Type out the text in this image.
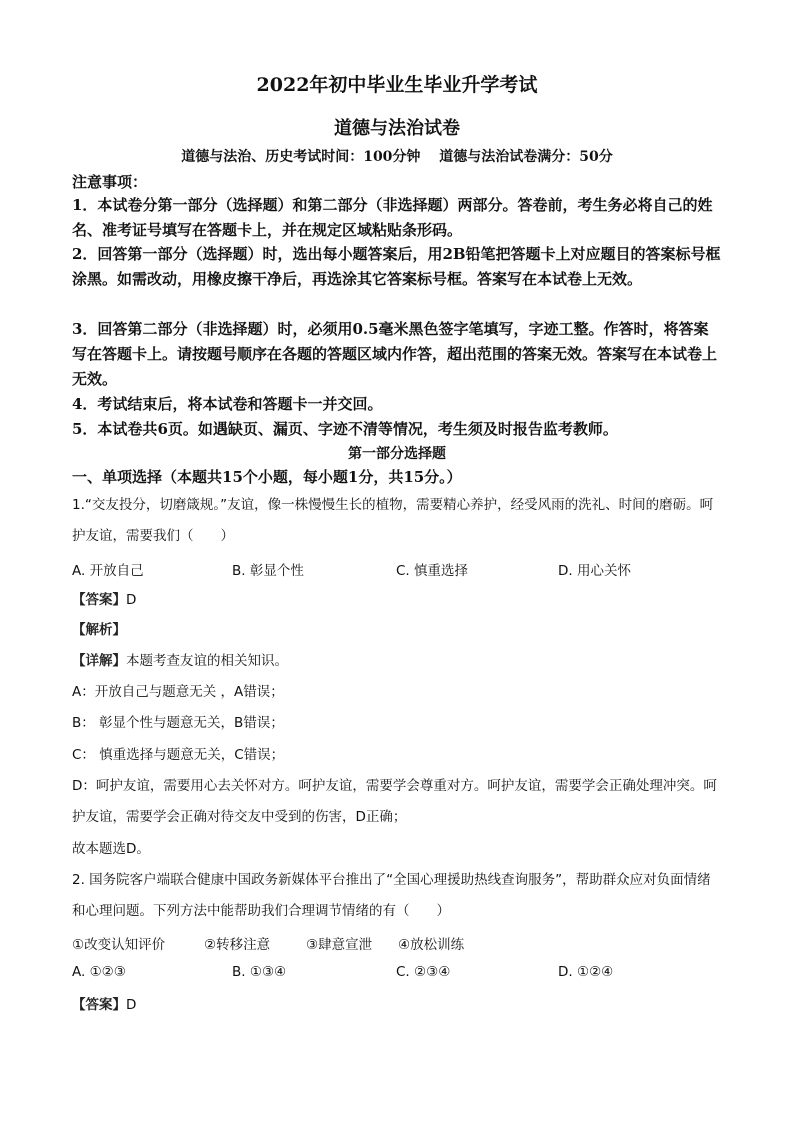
2022年初中毕业生毕业升学考试
道德与法治试卷
道德与法治、历史考试时间：100分钟　 道德与法治试卷满分：50分
注意事项：
1．本试卷分第一部分（选择题）和第二部分（非选择题）两部分。答卷前，考生务必将自己的姓名、准考证号填写在答题卡上，并在规定区域粘贴条形码。
2．回答第一部分（选择题）时，选出每小题答案后，用2B铅笔把答题卡上对应题目的答案标号框涂黑。如需改动，用橡皮擦干净后，再选涂其它答案标号框。答案写在本试卷上无效。
3．回答第二部分（非选择题）时，必须用0.5毫米黑色签字笔填写，字迹工整。作答时，将答案写在答题卡上。请按题号顺序在各题的答题区域内作答，超出范围的答案无效。答案写在本试卷上无效。
4．考试结束后，将本试卷和答题卡一并交回。
5．本试卷共6页。如遇缺页、漏页、字迹不清等情况，考生须及时报告监考教师。
第一部分选择题
一、单项选择（本题共15个小题，每小题1分，共15分。）
1.“交友投分，切磨箴规。”友谊，像一株慢慢生长的植物，需要精心养护，经受风雨的洗礼、时间的磨砺。呵护友谊，需要我们（　　）
A. 开放自己	B. 彰显个性	C. 慎重选择	D. 用心关怀
【答案】D
【解析】
【详解】本题考查友谊的相关知识。
A：开放自己与题意无关 ，A错误；
B： 彰显个性与题意无关，B错误；
C： 慎重选择与题意无关，C错误；
D：呵护友谊，需要用心去关怀对方。呵护友谊，需要学会尊重对方。呵护友谊，需要学会正确处理冲突。呵护友谊，需要学会正确对待交友中受到的伤害，D正确；
故本题选D。
2. 国务院客户端联合健康中国政务新媒体平台推出了“全国心理援助热线查询服务”，帮助群众应对负面情绪和心理问题。下列方法中能帮助我们合理调节情绪的有（　　）
①改变认知评价	②转移注意	③肆意宣泄 ④放松训练
A. ①②③	B. ①③④	C. ②③④	D. ①②④
【答案】D
